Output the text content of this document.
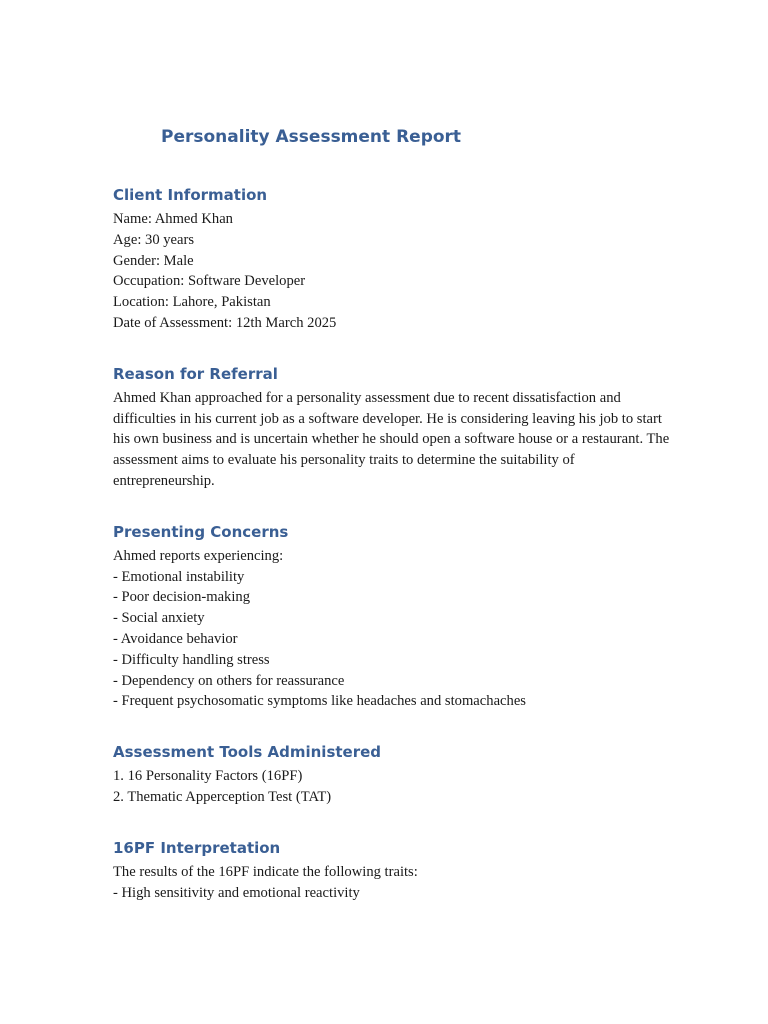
Personality Assessment Report
Client Information

Name: Ahmed Khan

Age: 30 years

Gender: Male

Occupation: Software Developer

Location: Lahore, Pakistan

Date of Assessment: 12th March 2025

Reason for Referral

Ahmed Khan approached for a personality assessment due to recent dissatisfaction and difficulties in his current job as a software developer. He is considering leaving his job to start his own business and is uncertain whether he should open a software house or a restaurant. The assessment aims to evaluate his personality traits to determine the suitability of entrepreneurship.

Presenting Concerns

Ahmed reports experiencing:

- Emotional instability

- Poor decision-making

- Social anxiety

- Avoidance behavior

- Difficulty handling stress

- Dependency on others for reassurance

- Frequent psychosomatic symptoms like headaches and stomachaches

Assessment Tools Administered

1. 16 Personality Factors (16PF)

2. Thematic Apperception Test (TAT)

16PF Interpretation

The results of the 16PF indicate the following traits:

- High sensitivity and emotional reactivity
